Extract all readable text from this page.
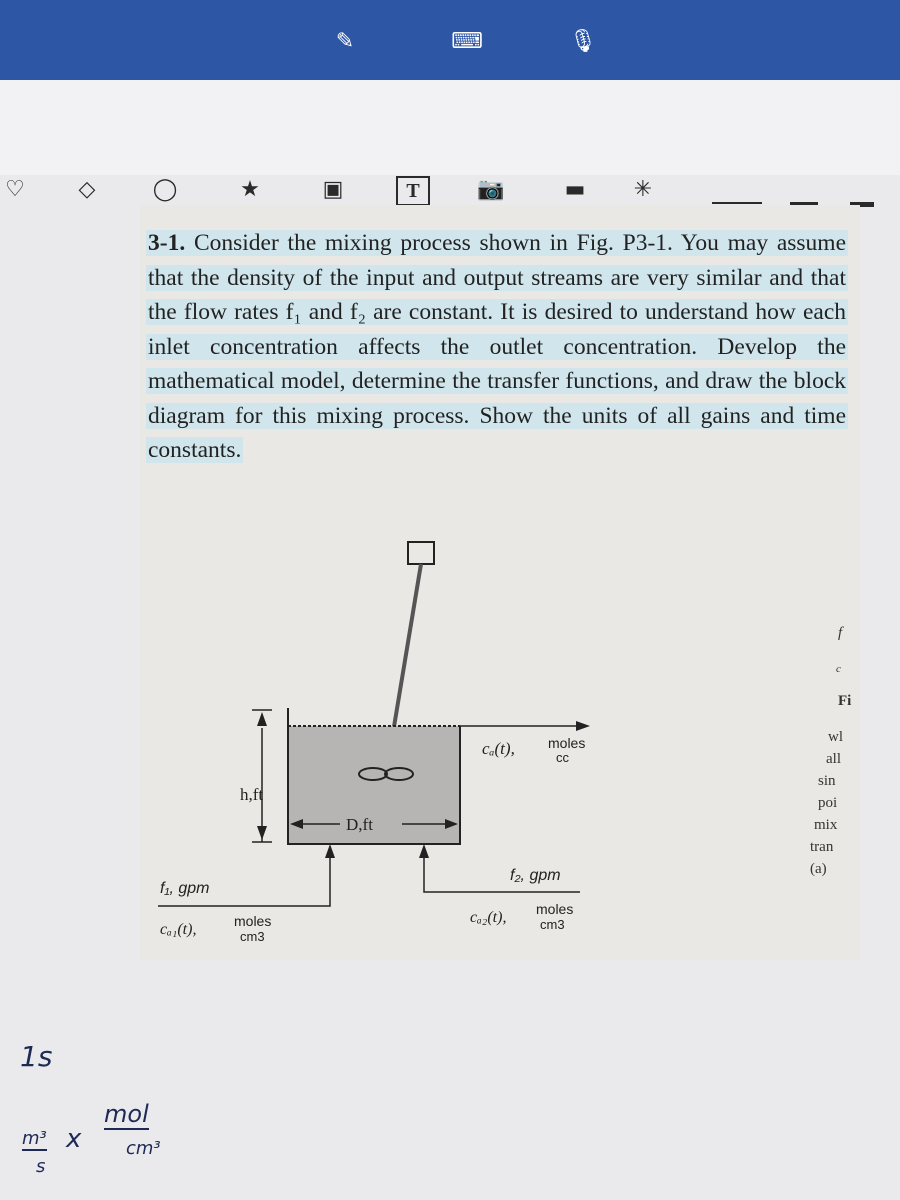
✎	⌨	🎙
♡ ◇	◯	★	▣	T	📷	▬ ✳
3-1. Consider the mixing process shown in Fig. P3-1. You may assume that the density of the input and output streams are very similar and that the flow rates f₁ and f₂ are constant. It is desired to understand how each inlet concentration affects the outlet concentration. Develop the mathematical model, determine the transfer functions, and draw the block diagram for this mixing process. Show the units of all gains and time constants.
h,ft
D,ft
cₐ(t), moles
cc
f₁, gpm
cₐ₁(t),	moles
cm3
f₂, gpm
cₐ₂(t), moles
cm3
f
c
Fi
wl
all
sin
poi
mix
tran
(a)
1s
m³
s
x
mol
cm³
